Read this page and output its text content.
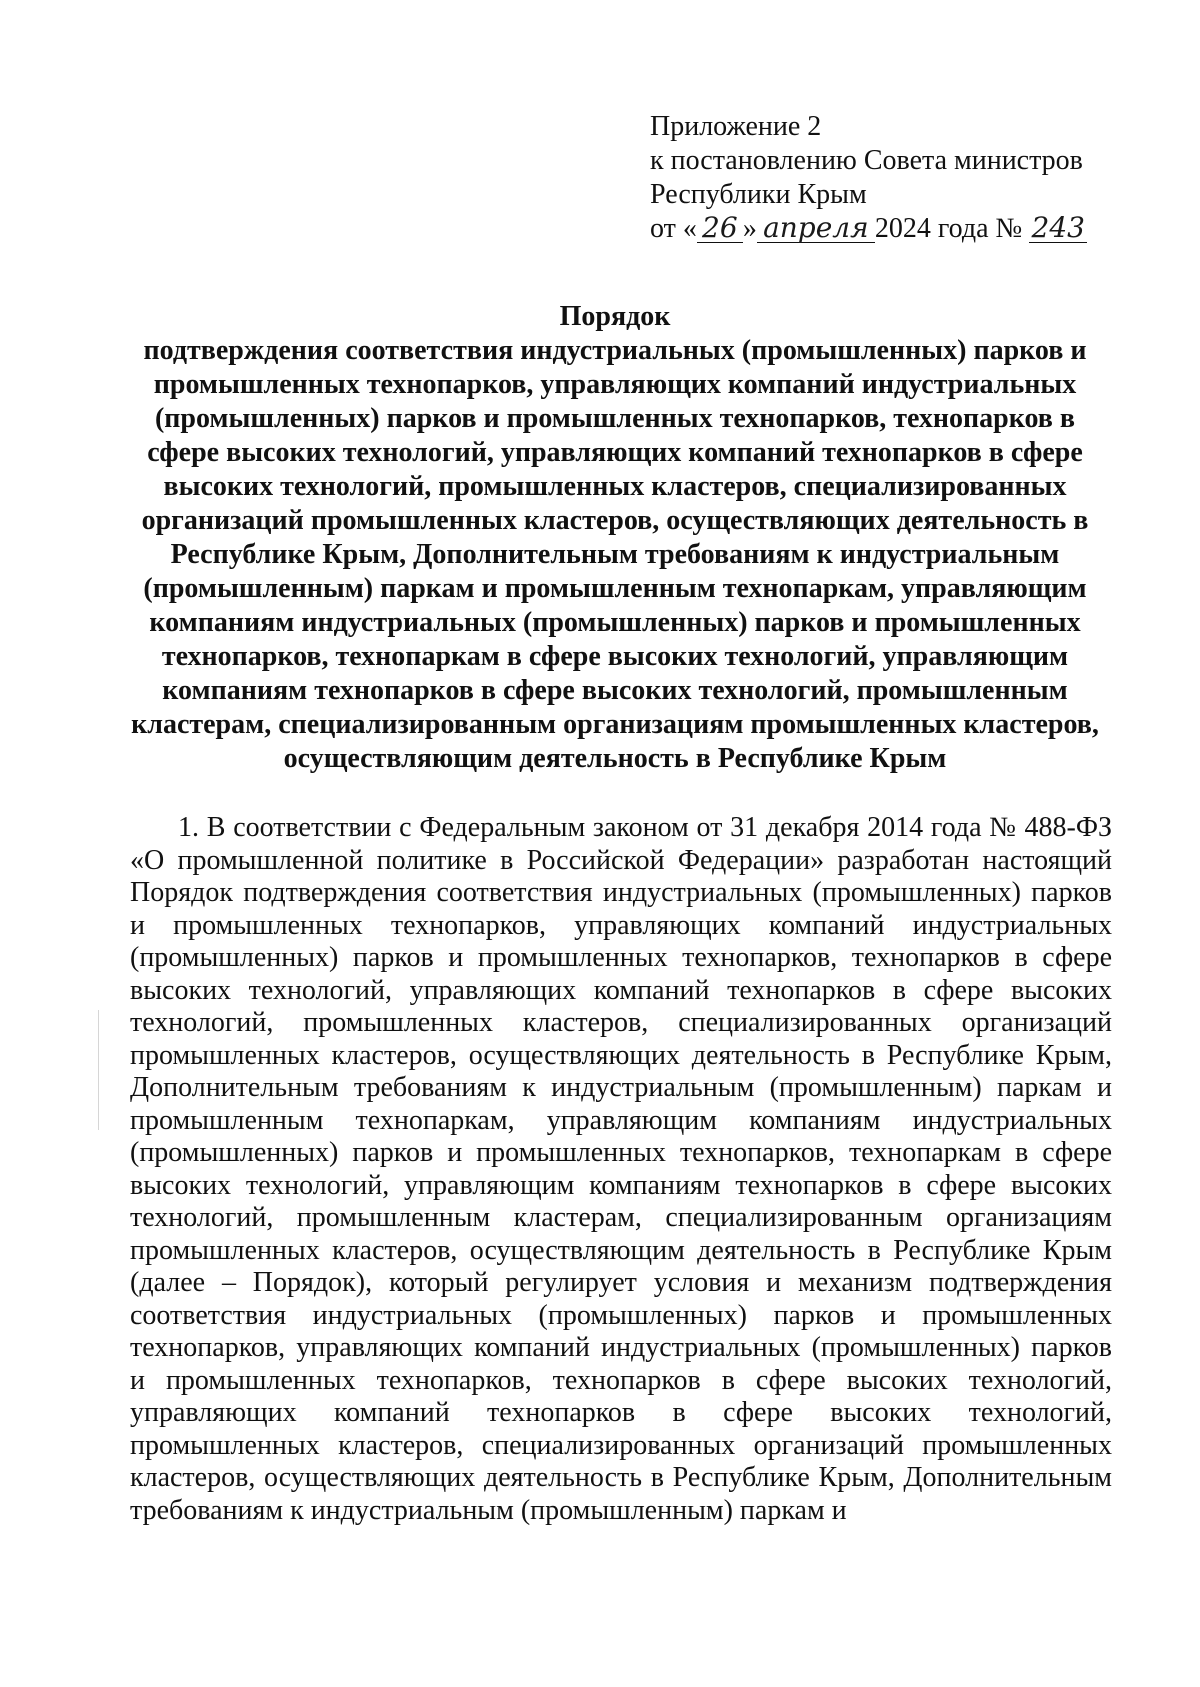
Приложение 2
к постановлению Совета министров
Республики Крым
от « 26 » апреля 2024 года № 243
Порядок
подтверждения соответствия индустриальных (промышленных) парков и промышленных технопарков, управляющих компаний индустриальных (промышленных) парков и промышленных технопарков, технопарков в сфере высоких технологий, управляющих компаний технопарков в сфере высоких технологий, промышленных кластеров, специализированных организаций промышленных кластеров, осуществляющих деятельность в Республике Крым, Дополнительным требованиям к индустриальным (промышленным) паркам и промышленным технопаркам, управляющим компаниям индустриальных (промышленных) парков и промышленных технопарков, технопаркам в сфере высоких технологий, управляющим компаниям технопарков в сфере высоких технологий, промышленным кластерам, специализированным организациям промышленных кластеров, осуществляющим деятельность в Республике Крым
1. В соответствии с Федеральным законом от 31 декабря 2014 года № 488-ФЗ «О промышленной политике в Российской Федерации» разработан настоящий Порядок подтверждения соответствия индустриальных (промышленных) парков и промышленных технопарков, управляющих компаний индустриальных (промышленных) парков и промышленных технопарков, технопарков в сфере высоких технологий, управляющих компаний технопарков в сфере высоких технологий, промышленных кластеров, специализированных организаций промышленных кластеров, осуществляющих деятельность в Республике Крым, Дополнительным требованиям к индустриальным (промышленным) паркам и промышленным технопаркам, управляющим компаниям индустриальных (промышленных) парков и промышленных технопарков, технопаркам в сфере высоких технологий, управляющим компаниям технопарков в сфере высоких технологий, промышленным кластерам, специализированным организациям промышленных кластеров, осуществляющим деятельность в Республике Крым (далее – Порядок), который регулирует условия и механизм подтверждения соответствия индустриальных (промышленных) парков и промышленных технопарков, управляющих компаний индустриальных (промышленных) парков и промышленных технопарков, технопарков в сфере высоких технологий, управляющих компаний технопарков в сфере высоких технологий, промышленных кластеров, специализированных организаций промышленных кластеров, осуществляющих деятельность в Республике Крым, Дополнительным требованиям к индустриальным (промышленным) паркам и
